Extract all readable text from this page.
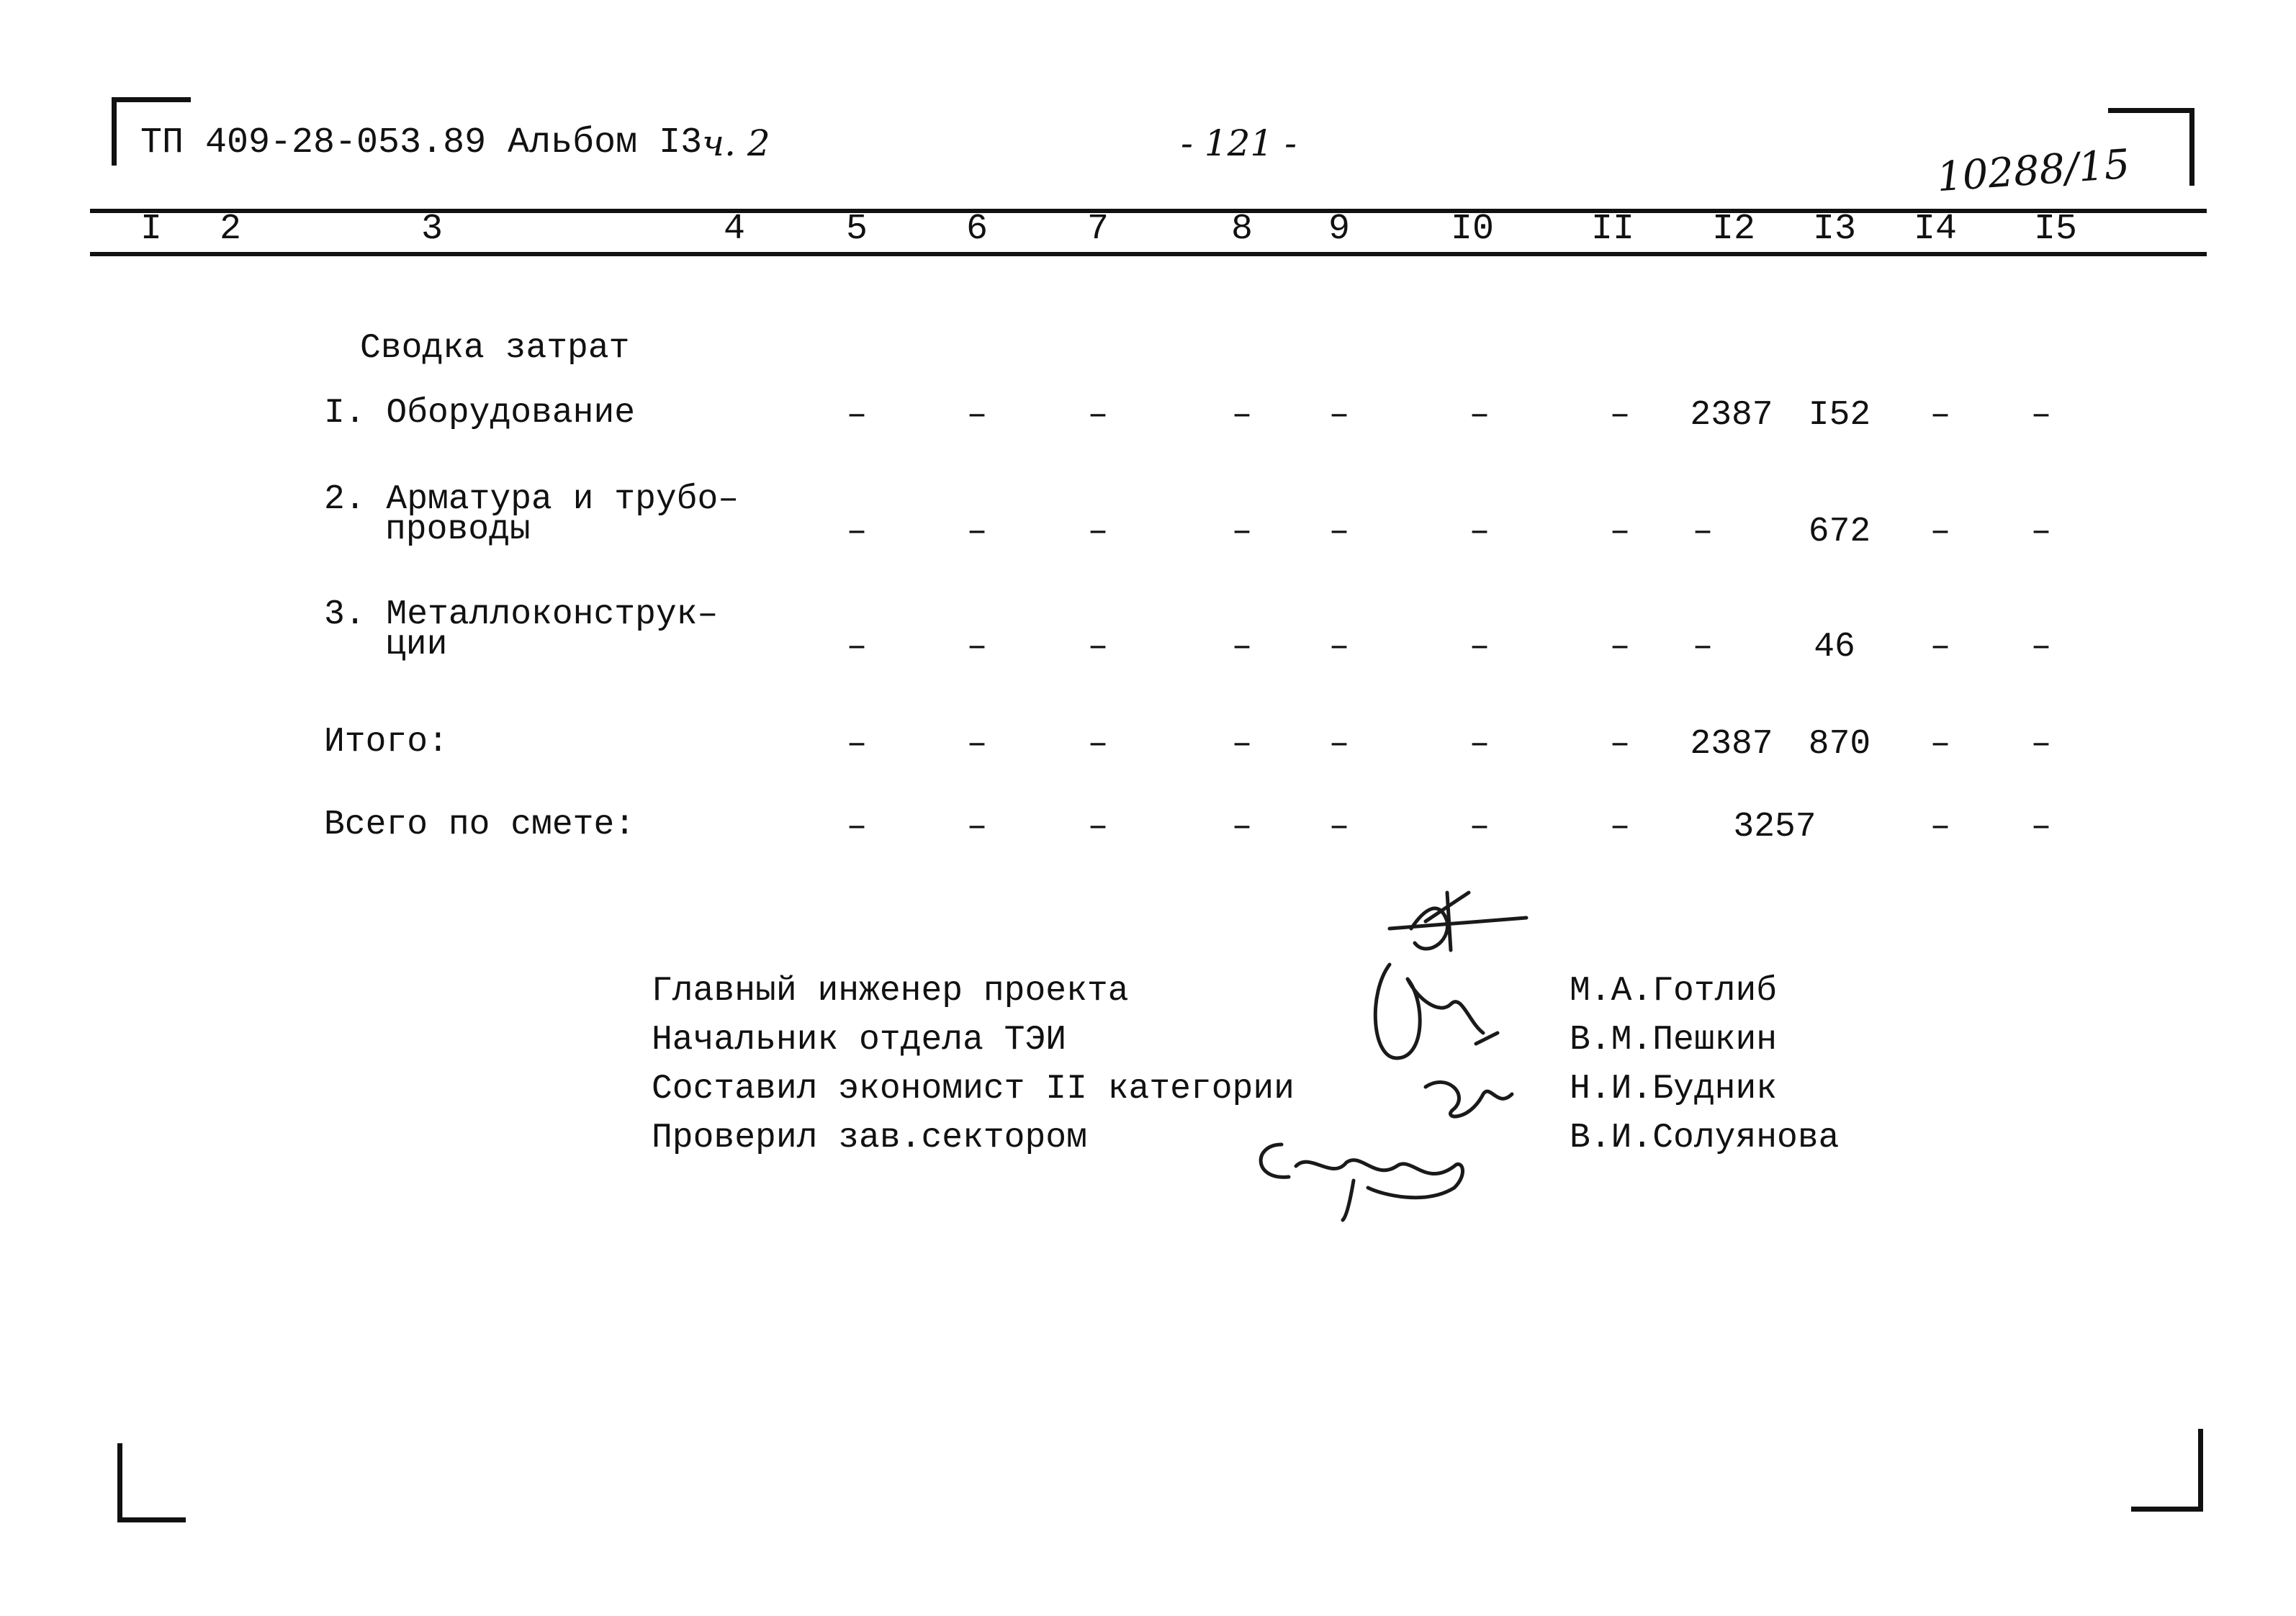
ТП 409-28-053.89 Альбом I3 ч. 2	- 121 -	10288/15
I 2	3	4	5	6	7	8 9	I0	II I2 I3 I4 I5
Сводка затрат
I. Оборудование	–	–	–	– –	–	– 2387 I52 – –
2. Арматура и трубо–
проводы	–	–	–	– –	–	– –	672 – –
3. Металлоконструк–
ции	–	–	–	– –	–	– –	46 – –
Итого:	–	–	–	– –	–	– 2387 870 – –
Всего по смете:	–	–	–	– –	–	–	3257	– –
Главный инженер проекта
Начальник отдела ТЭИ
Составил экономист II категории
Проверил зав.сектором
М.А.Готлиб
В.М.Пешкин
Н.И.Будник
В.И.Солуянова
